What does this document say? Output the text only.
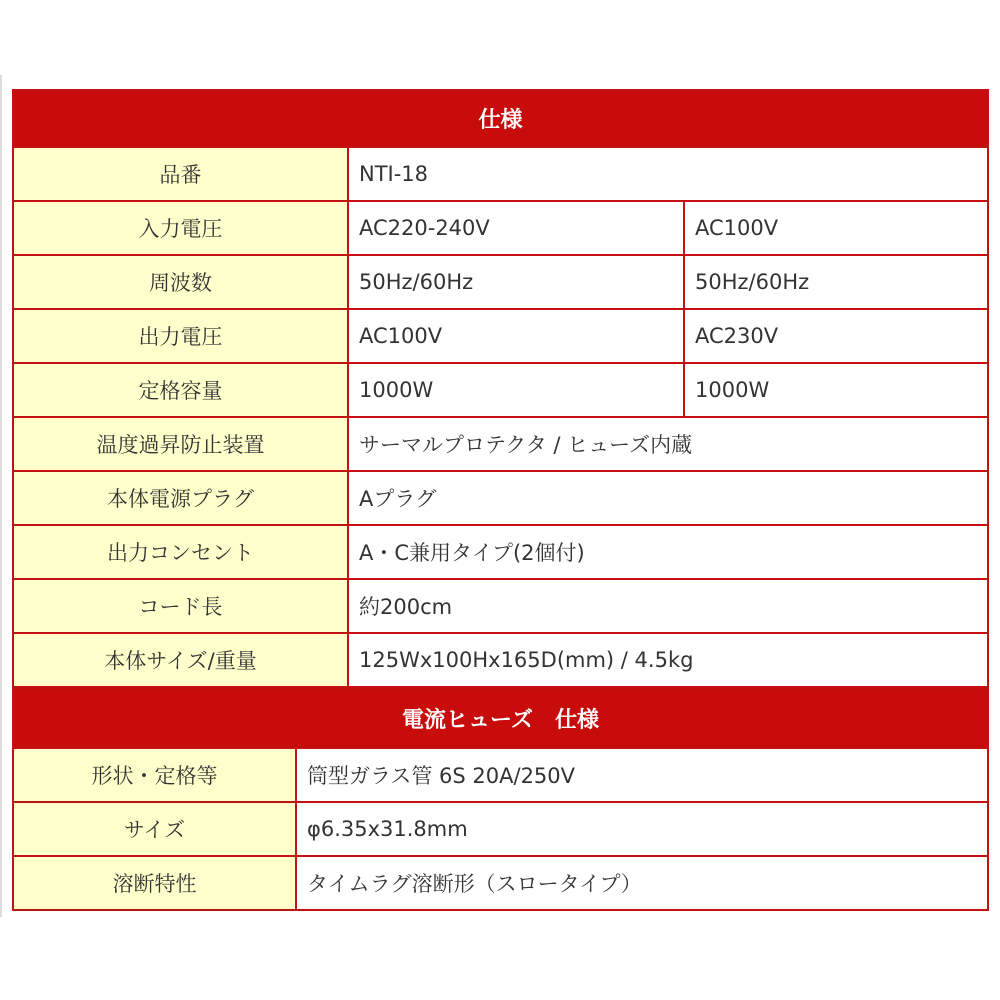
仕様		
品番	NTI-18	
入力電圧	AC220-240V	AC100V
周波数	50Hz/60Hz	50Hz/60Hz
出力電圧	AC100V	AC230V
定格容量	1000W	1000W
温度過昇防止装置	サーマルプロテクタ / ヒューズ内蔵	
本体電源プラグ	Aプラグ	
出力コンセント	A・C兼用タイプ(2個付)	
コード長	約200cm	
本体サイズ/重量	125Wx100Hx165D(mm) / 4.5kg	
電流ヒューズ　仕様	
形状・定格等	筒型ガラス管 6S 20A/250V
サイズ	φ6.35x31.8mm
溶断特性	タイムラグ溶断形（スロータイプ）
